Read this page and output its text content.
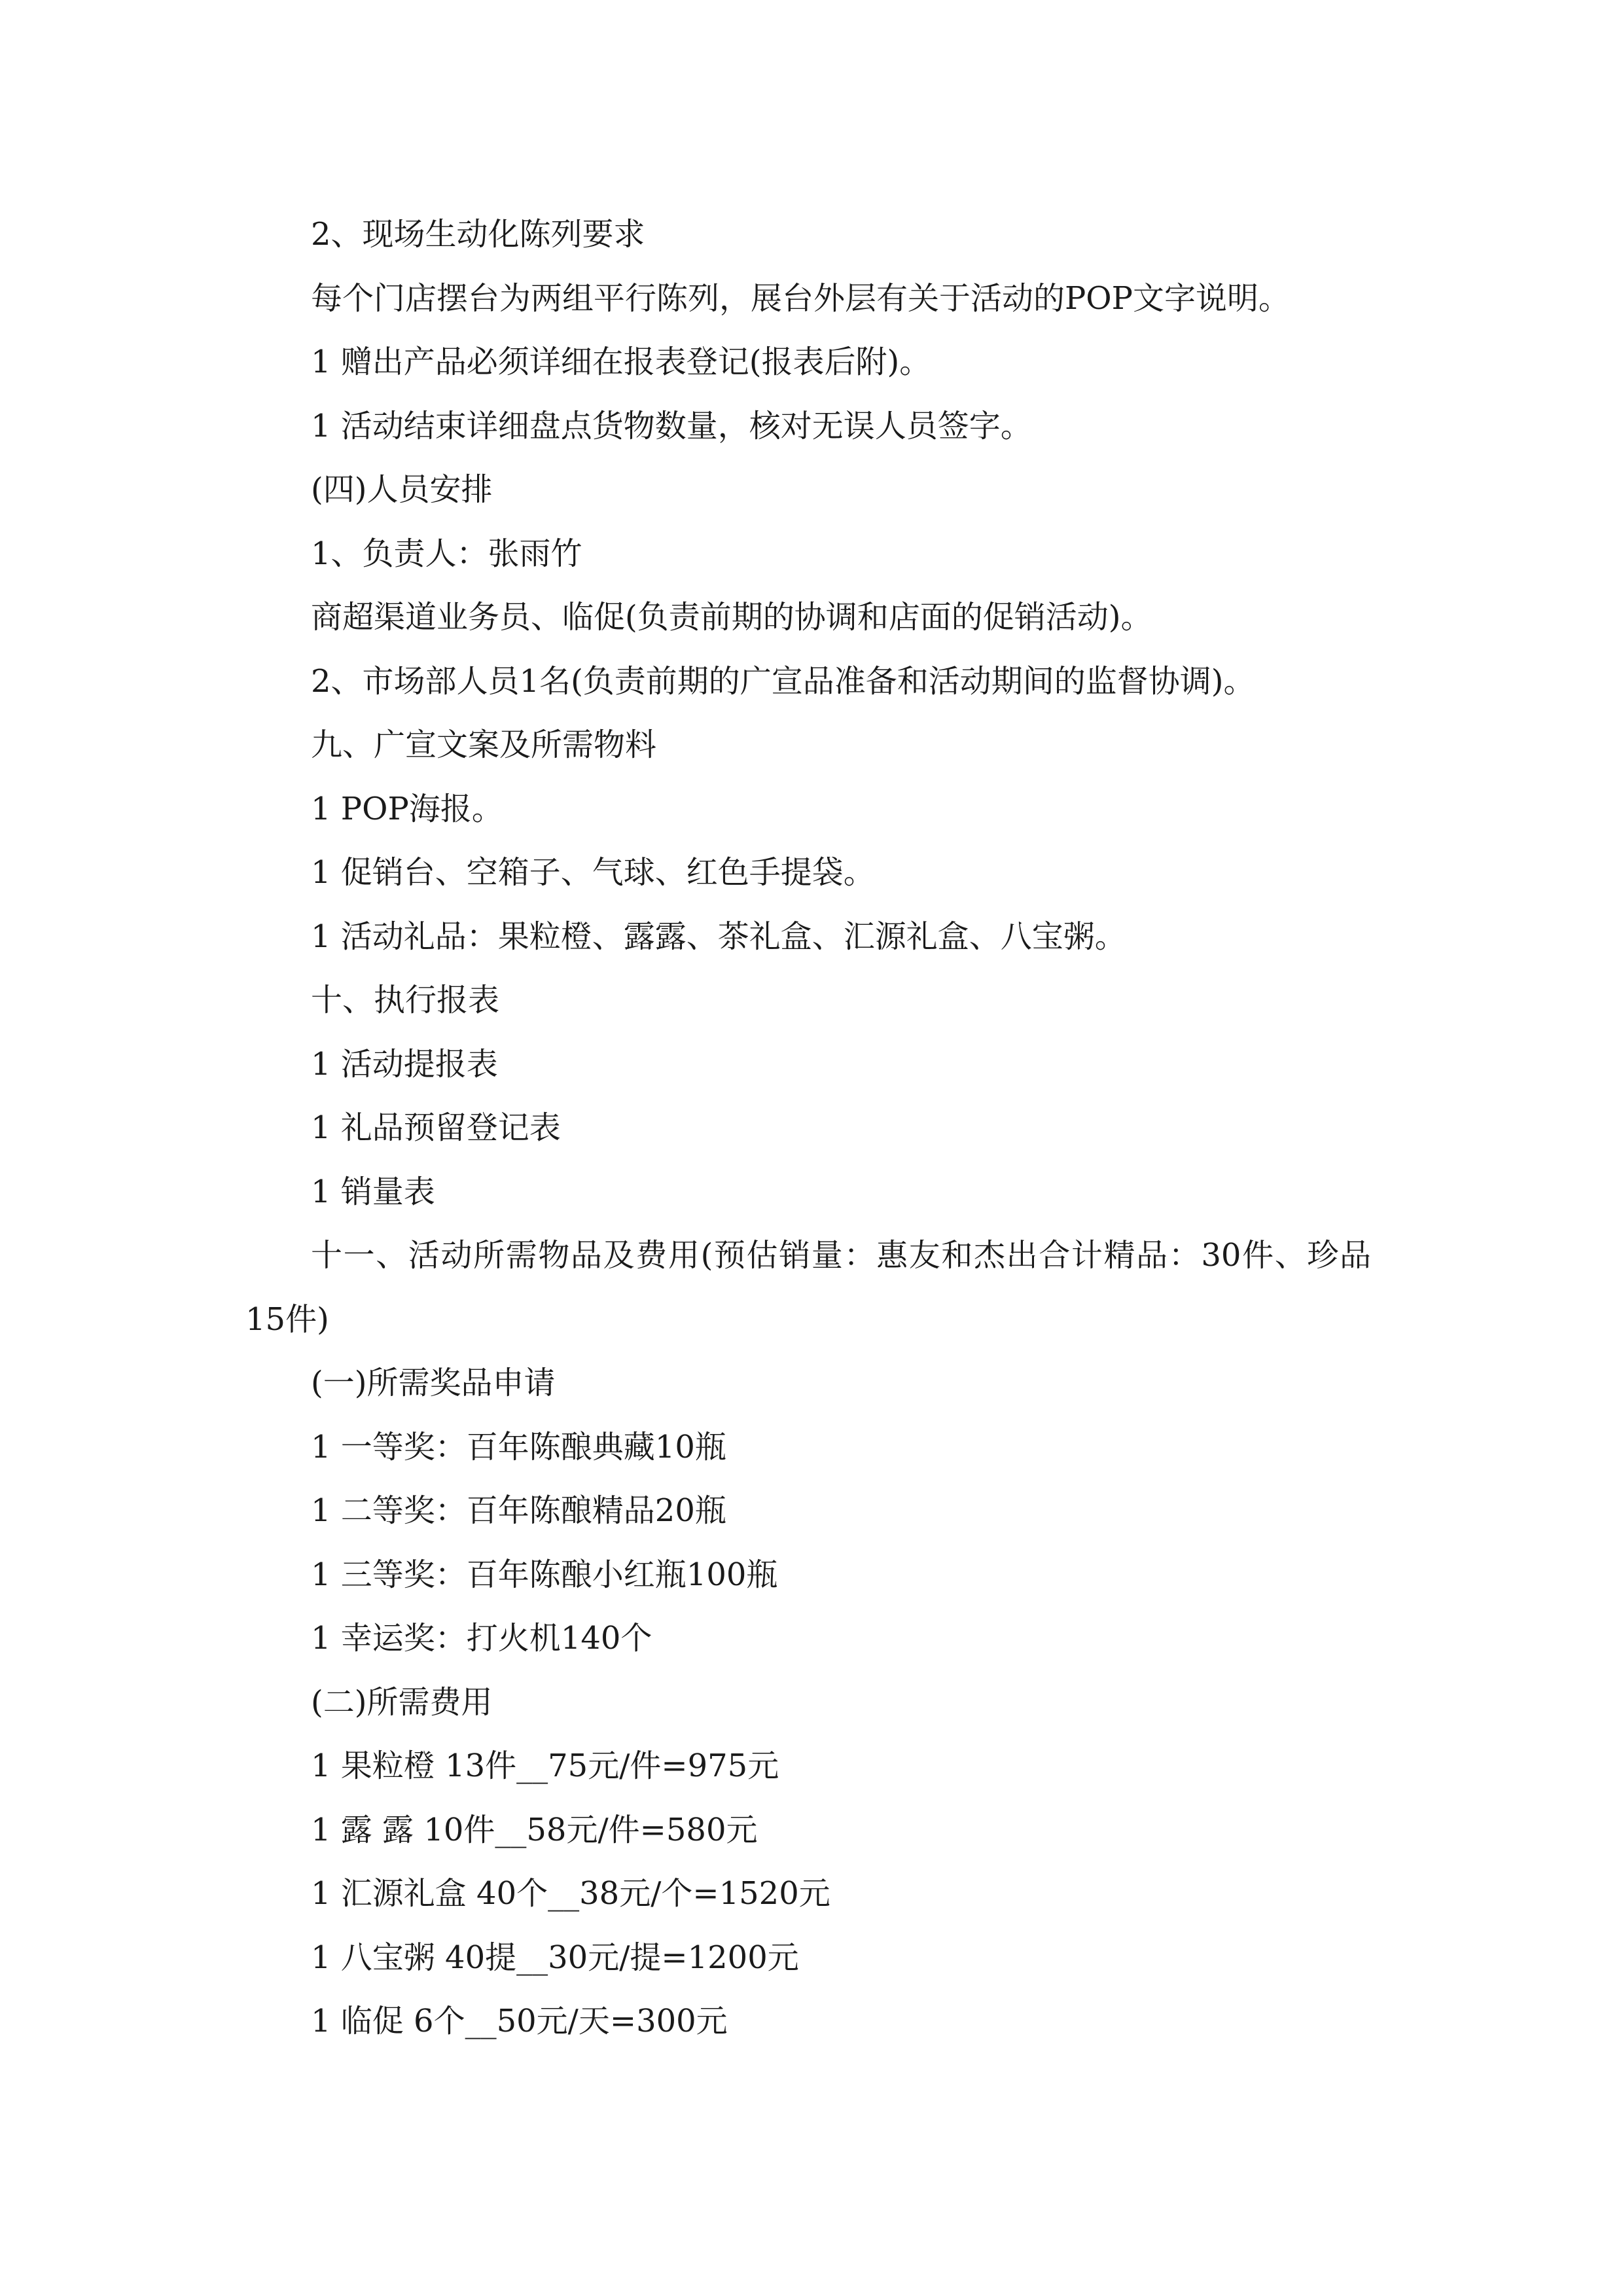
2、现场生动化陈列要求

每个门店摆台为两组平行陈列，展台外层有关于活动的POP文字说明。

1 赠出产品必须详细在报表登记(报表后附)。

1 活动结束详细盘点货物数量，核对无误人员签字。

(四)人员安排

1、负责人：张雨竹

商超渠道业务员、临促(负责前期的协调和店面的促销活动)。

2、市场部人员1名(负责前期的广宣品准备和活动期间的监督协调)。

九、广宣文案及所需物料

1 POP海报。

1 促销台、空箱子、气球、红色手提袋。

1 活动礼品：果粒橙、露露、茶礼盒、汇源礼盒、八宝粥。

十、执行报表

1 活动提报表

1 礼品预留登记表

1 销量表

十一、活动所需物品及费用(预估销量：惠友和杰出合计精品：30件、珍品15件)

(一)所需奖品申请

1 一等奖：百年陈酿典藏10瓶

1 二等奖：百年陈酿精品20瓶

1 三等奖：百年陈酿小红瓶100瓶

1 幸运奖：打火机140个

(二)所需费用

1 果粒橙 13件__75元/件=975元

1 露 露 10件__58元/件=580元

1 汇源礼盒 40个__38元/个=1520元

1 八宝粥 40提__30元/提=1200元

1 临促 6个__50元/天=300元
